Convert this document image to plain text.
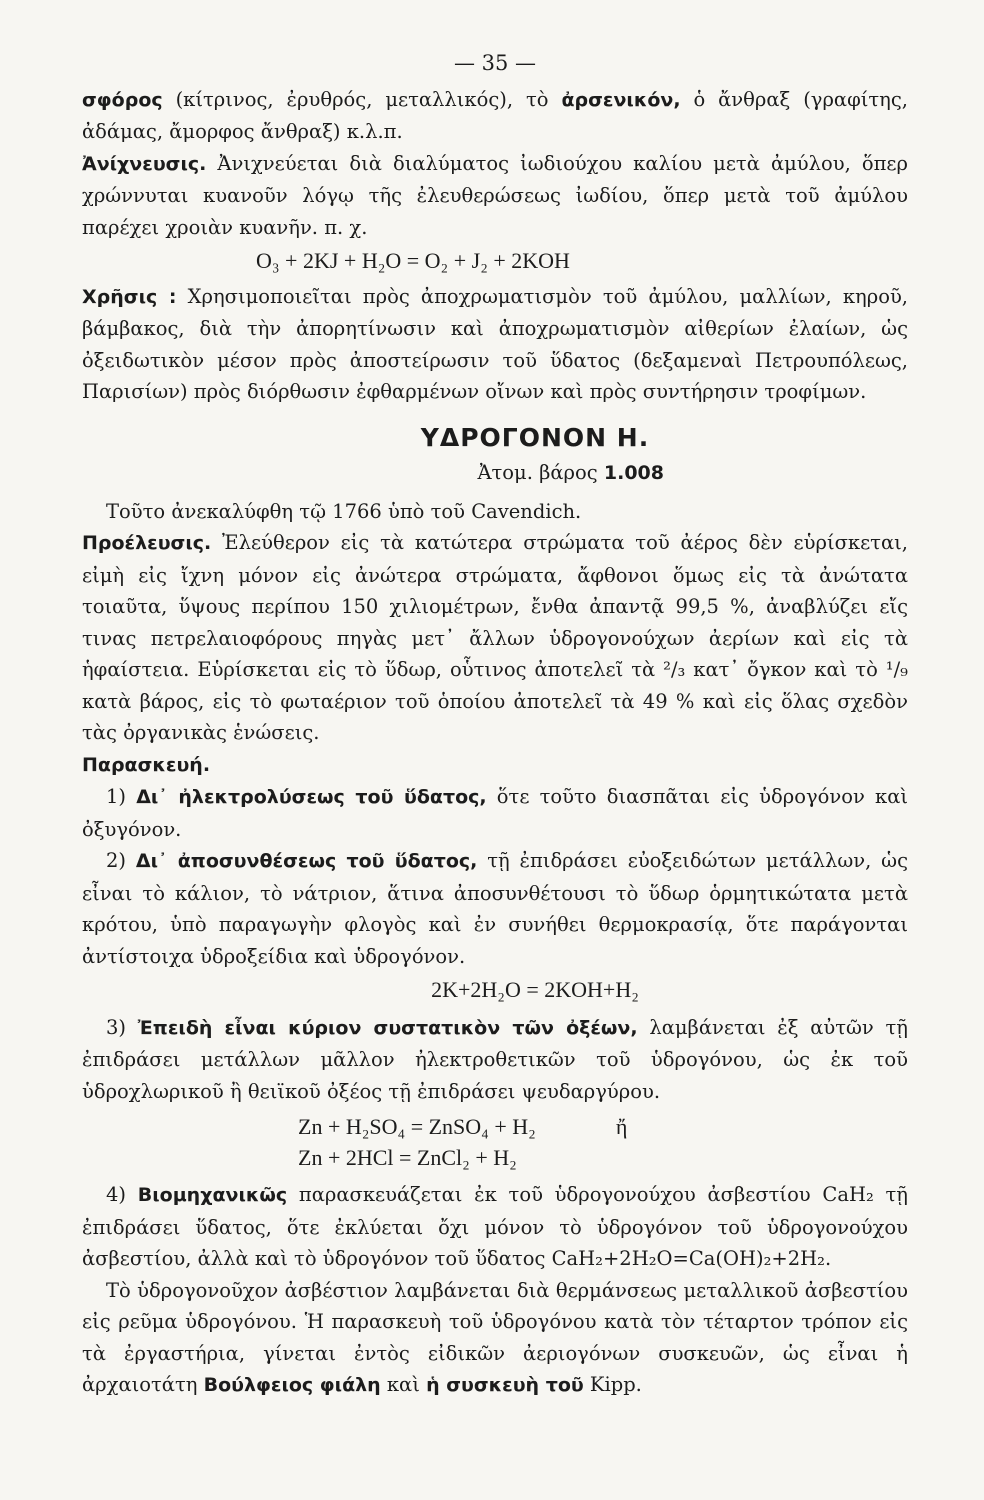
— 35 —

σφόρος (κίτρινος, ἐρυθρός, μεταλλικός), τὸ ἀρσενικόν, ὁ ἄνθραξ (γραφίτης, ἀδάμας, ἄμορφος ἄνθραξ) κ.λ.π.

Ἀνίχνευσις. Ἀνιχνεύεται διὰ διαλύματος ἰωδιούχου καλίου μετὰ ἀμύλου, ὅπερ χρώννυται κυανοῦν λόγῳ τῆς ἐλευθερώσεως ἰωδίου, ὅπερ μετὰ τοῦ ἀμύλου παρέχει χροιὰν κυανῆν. π. χ.

O₃ + 2KJ + H₂O = O₂ + J₂ + 2KOH

Χρῆσις : Χρησιμοποιεῖται πρὸς ἀποχρωματισμὸν τοῦ ἀμύλου, μαλλίων, κηροῦ, βάμβακος, διὰ τὴν ἀπορητίνωσιν καὶ ἀποχρωματισμὸν αἰθερίων ἐλαίων, ὡς ὀξειδωτικὸν μέσον πρὸς ἀποστείρωσιν τοῦ ὕδατος (δεξαμεναὶ Πετρουπόλεως, Παρισίων) πρὸς διόρθωσιν ἐφθαρμένων οἴνων καὶ πρὸς συντήρησιν τροφίμων.

ΥΔΡΟΓΟΝΟΝ Η.
Ἀτομ. βάρος 1.008

Τοῦτο ἀνεκαλύφθη τῷ 1766 ὑπὸ τοῦ Cavendich.

Προέλευσις. Ἐλεύθερον εἰς τὰ κατώτερα στρώματα τοῦ ἀέρος δὲν εὑρίσκεται, εἰμὴ εἰς ἴχνη μόνον εἰς ἀνώτερα στρώματα, ἄφθονοι ὅμως εἰς τὰ ἀνώτατα τοιαῦτα, ὕψους περίπου 150 χιλιομέτρων, ἔνθα ἀπαντᾷ 99,5 %, ἀναβλύζει εἴς τινας πετρελαιοφόρους πηγὰς μετ᾽ ἄλλων ὑδρογονούχων ἀερίων καὶ εἰς τὰ ἡφαίστεια. Εὑρίσκεται εἰς τὸ ὕδωρ, οὗτινος ἀποτελεῖ τὰ ²/₃ κατ᾽ ὄγκον καὶ τὸ ¹/₉ κατὰ βάρος, εἰς τὸ φωταέριον τοῦ ὁποίου ἀποτελεῖ τὰ 49 % καὶ εἰς ὅλας σχεδὸν τὰς ὀργανικὰς ἑνώσεις.

Παρασκευή.

1) Δι᾽ ἠλεκτρολύσεως τοῦ ὕδατος, ὅτε τοῦτο διασπᾶται εἰς ὑδρογόνον καὶ ὀξυγόνον.

2) Δι᾽ ἀποσυνθέσεως τοῦ ὕδατος, τῇ ἐπιδράσει εὐοξειδώτων μετάλλων, ὡς εἶναι τὸ κάλιον, τὸ νάτριον, ἅτινα ἀποσυνθέτουσι τὸ ὕδωρ ὁρμητικώτατα μετὰ κρότου, ὑπὸ παραγωγὴν φλογὸς καὶ ἐν συνήθει θερμοκρασίᾳ, ὅτε παράγονται ἀντίστοιχα ὑδροξείδια καὶ ὑδρογόνον.

2K+2H₂O = 2KOH+H₂

3) Ἐπειδὴ εἶναι κύριον συστατικὸν τῶν ὀξέων, λαμβάνεται ἐξ αὐτῶν τῇ ἐπιδράσει μετάλλων μᾶλλον ἠλεκτροθετικῶν τοῦ ὑδρογόνου, ὡς ἐκ τοῦ ὑδροχλωρικοῦ ἢ θειϊκοῦ ὀξέος τῇ ἐπιδράσει ψευδαργύρου.

Zn + H₂SO₄ = ZnSO₄ + H₂	ἤ
Zn + 2HCl = ZnCl₂ + H₂

4) Βιομηχανικῶς παρασκευάζεται ἐκ τοῦ ὑδρογονούχου ἀσβεστίου CaH₂ τῇ ἐπιδράσει ὕδατος, ὅτε ἐκλύεται ὄχι μόνον τὸ ὑδρογόνον τοῦ ὑδρογονούχου ἀσβεστίου, ἀλλὰ καὶ τὸ ὑδρογόνον τοῦ ὕδατος CaH₂+2H₂O=Ca(OH)₂+2H₂.

Τὸ ὑδρογονοῦχον ἀσβέστιον λαμβάνεται διὰ θερμάνσεως μεταλλικοῦ ἀσβεστίου εἰς ρεῦμα ὑδρογόνου. Ἡ παρασκευὴ τοῦ ὑδρογόνου κατὰ τὸν τέταρτον τρόπον εἰς τὰ ἐργαστήρια, γίνεται ἐντὸς εἰδικῶν ἀεριογόνων συσκευῶν, ὡς εἶναι ἡ ἀρχαιοτάτη Βούλφειος φιάλη καὶ ἡ συσκευὴ τοῦ Kipp.
